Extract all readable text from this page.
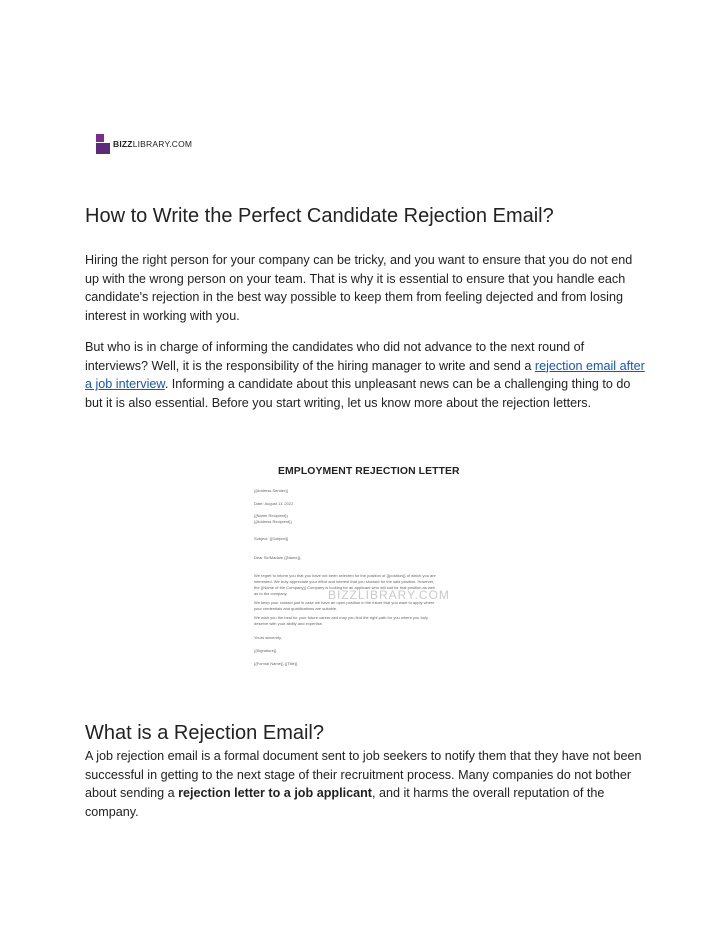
BIZZLIBRARY.COM
How to Write the Perfect Candidate Rejection Email?

Hiring the right person for your company can be tricky, and you want to ensure that you do not end up with the wrong person on your team. That is why it is essential to ensure that you handle each candidate's rejection in the best way possible to keep them from feeling dejected and from losing interest in working with you.

But who is in charge of informing the candidates who did not advance to the next round of interviews? Well, it is the responsibility of the hiring manager to write and send a rejection email after a job interview. Informing a candidate about this unpleasant news can be a challenging thing to do but it is also essential. Before you start writing, let us know more about the rejection letters.

EMPLOYMENT REJECTION LETTER
{{Address Sender}}
Date: August 11, 2022
{{Name Recipient}}
{{Address Recipient}}
Subject: {{Subject}}
Dear Sir/Madam {{Name}},
We regret to inform you that you have not been selected for the position of {{position}} of which you are
interested. We truly appreciate your effort and interest that you showed for the said position. However,
the {{Name of the Company}} Company is looking for an applicant who will suit for that position as well
as to the company.
We keep your contact just in case we have an open position in the future that you want to apply where
your credentials and qualifications are suitable.
We wish you the best for your future career and may you find the right path for you where you truly
deserve with your ability and expertise.
Yours sincerely,
{{Signature}}
{{Formal Name}} {{Title}}
BIZZLIBRARY.COM
What is a Rejection Email?

A job rejection email is a formal document sent to job seekers to notify them that they have not been successful in getting to the next stage of their recruitment process. Many companies do not bother about sending a rejection letter to a job applicant, and it harms the overall reputation of the company.
